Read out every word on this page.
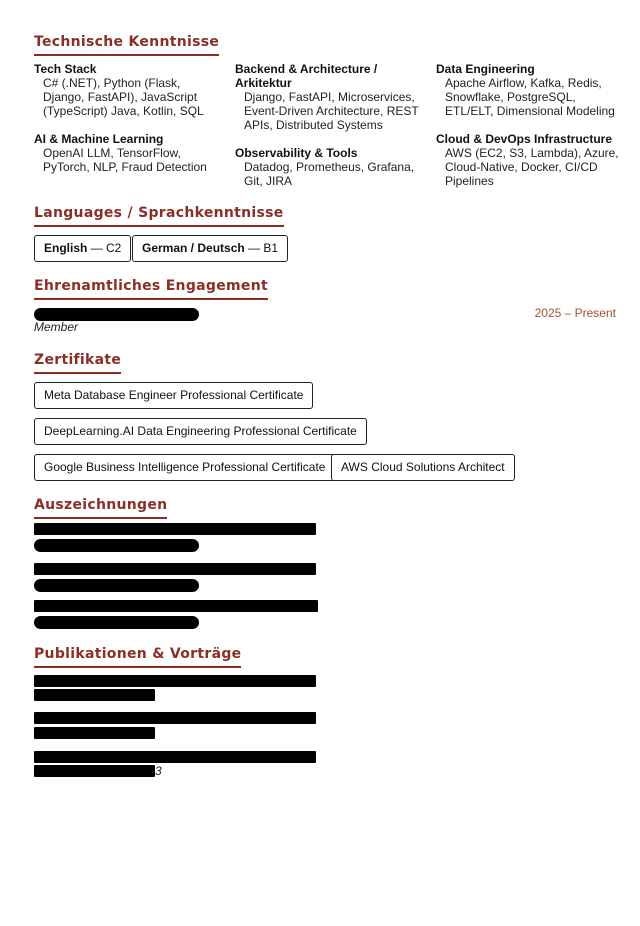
Technische Kenntnisse
Tech Stack
C# (.NET), Python (Flask, Django, FastAPI), JavaScript (TypeScript) Java, Kotlin, SQL
AI & Machine Learning
OpenAI LLM, TensorFlow, PyTorch, NLP, Fraud Detection
Backend & Architecture / Arkitektur
Django, FastAPI, Microservices, Event-Driven Architecture, REST APIs, Distributed Systems
Observability & Tools
Datadog, Prometheus, Grafana, Git, JIRA
Data Engineering
Apache Airflow, Kafka, Redis, Snowflake, PostgreSQL, ETL/ELT, Dimensional Modeling
Cloud & DevOps Infrastructure
AWS (EC2, S3, Lambda), Azure, Cloud-Native, Docker, CI/CD Pipelines
Languages / Sprachkenntnisse
English — C2	German / Deutsch — B1
Ehrenamtliches Engagement
2025 – Present
Member
Zertifikate
Meta Database Engineer Professional Certificate
DeepLearning.AI Data Engineering Professional Certificate
Google Business Intelligence Professional Certificate	AWS Cloud Solutions Architect
Auszeichnungen
Publikationen & Vorträge
3
